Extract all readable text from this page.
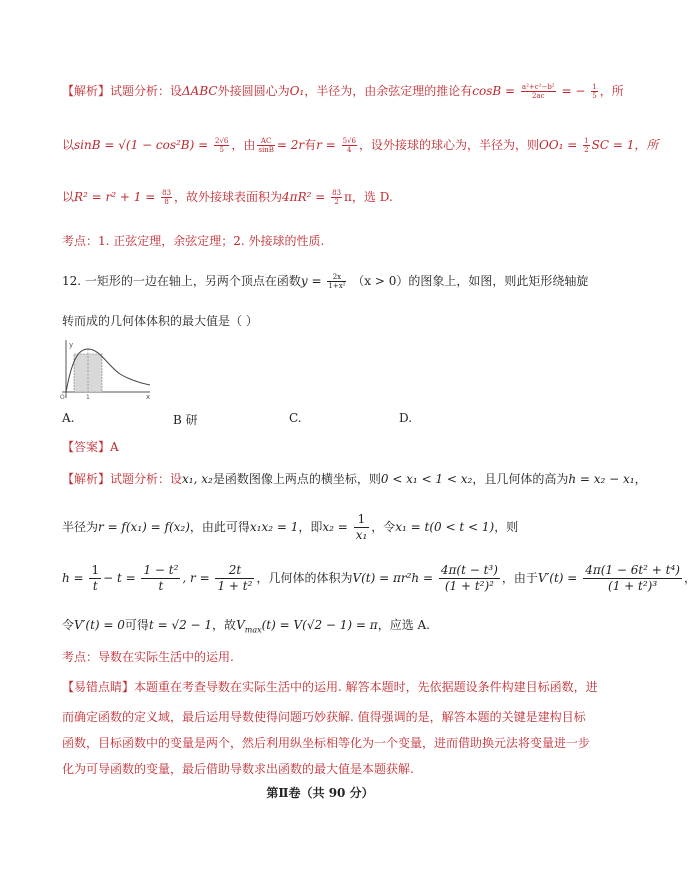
【解析】试题分析：设ΔABC外接圆圆心为O₁，半径为，由余弦定理的推论有$\cos B = \frac{\text{a²+c²−b²}}{2ac}$ = − $\frac{1}{5}$ ，所
以$\sin B = √(1 - \cos^2B) = \frac{2√6}{5}$ ，由 $\frac{AC}{\sin B} = 2r$有$r = \frac{5√6}{4}$ ，设外接球的球心为，半径为，则$OO_1 = \frac{1}{2}$ SC = 1，所
以$R^2 = r^2 + 1 = \frac{83}{8}$ ，故外接球表面积为$4\pi R^2 = \frac{83}{2}$ π，选 D.
考点：1. 正弦定理，余弦定理；2. 外接球的性质.
12. 一矩形的一边在轴上，另两个顶点在函数$y = \frac{2x}{\text{1+x²}} (x > 0)$的图象上，如图，则此矩形绕轴旋
转而成的几何体体积的最大值是（ ）
y
x
O	1
A.	B 研	C.	D.
【答案】A
【解析】试题分析：设x₁, x₂是函数图像上两点的横坐标，则0 < x₁ < 1 < x₂，且几何体的高为h = x₂ − x₁，
半径为r = f(x₁) = f(x₂)，由此可得x₁x₂ = 1，即$x_2 = \frac{1}{\text{x₁}}$ ，令x₁ = t(0 < t < 1)，则
$h = \frac{1}{t} - t = \frac{\text{1 − t²}}{t}$ , $r = \frac{2t}{\text{1 + t²}}$ ，几何体的体积为$V(t) = \pi r^2h = \frac{\text{4π(t − t³)}}{\text{(1 + t²)²}}$ ，由于$V'(t) = \frac{\text{4π(1 − 6t² + t⁴)}}{\text{(1 + t²)³}}$ ，
令V′(t) = 0可得t = √2 − 1，故$V_{max}(t) = V(√2 - 1) = \pi$，应选 A.
考点：导数在实际生活中的运用.
【易错点睛】本题重在考查导数在实际生活中的运用. 解答本题时，先依据题设条件构建目标函数，进
而确定函数的定义域，最后运用导数使得问题巧妙获解. 值得强调的是，解答本题的关键是建构目标
函数，目标函数中的变量是两个，然后利用纵坐标相等化为一个变量，进而借助换元法将变量进一步
化为可导函数的变量，最后借助导数求出函数的最大值是本题获解.
第Ⅱ卷（共 90 分）
